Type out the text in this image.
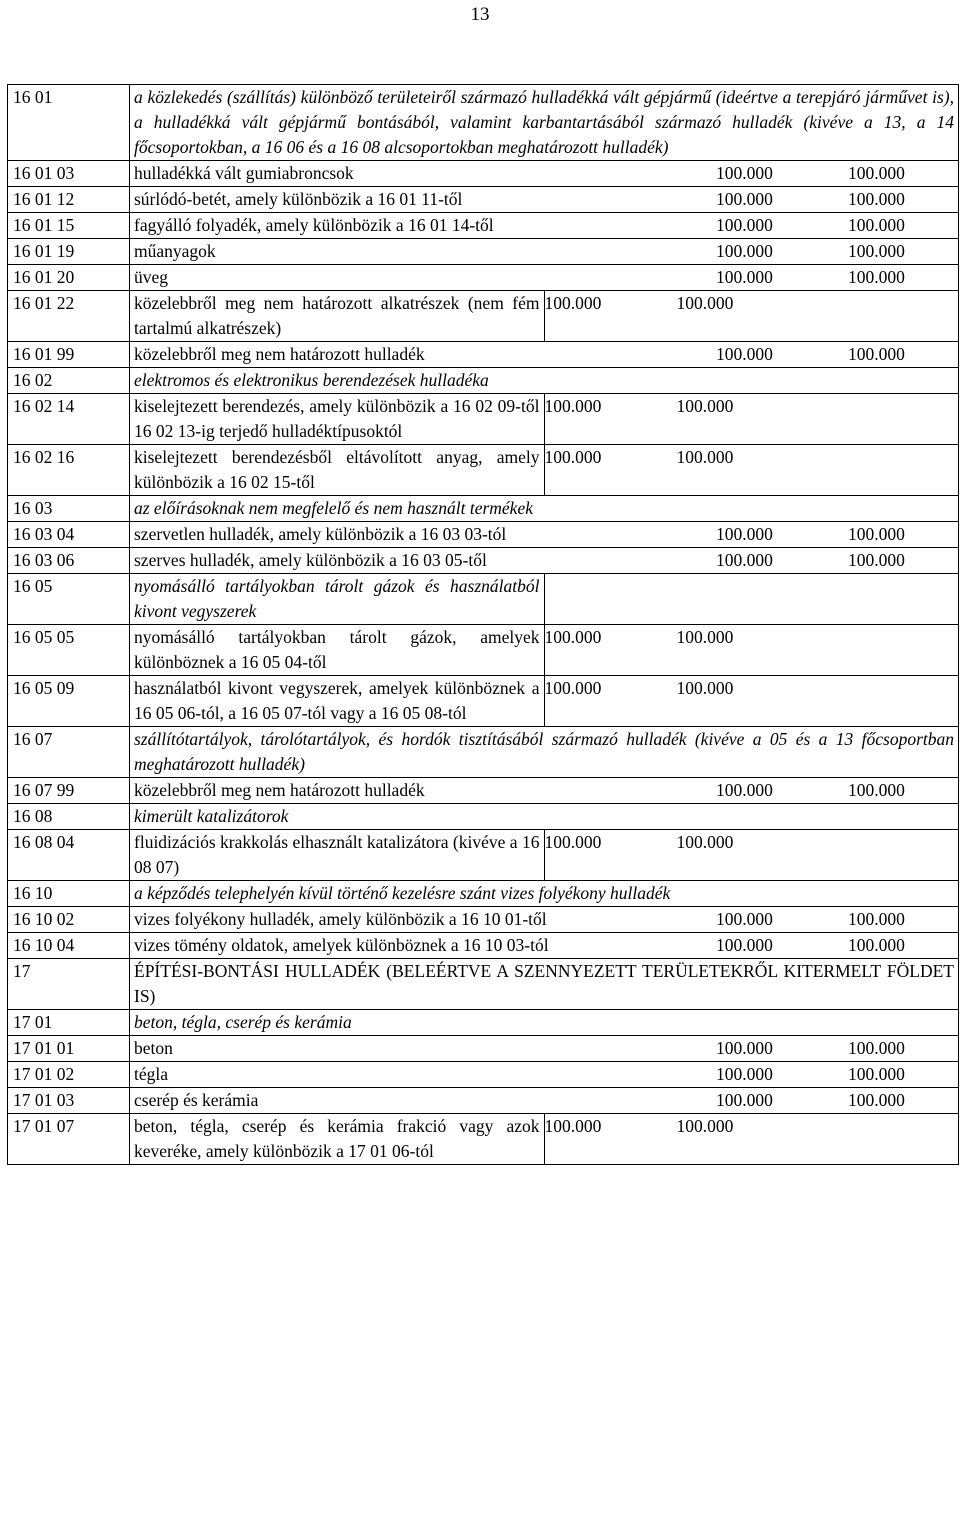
13
16 01	a közlekedés (szállítás) különböző területeiről származó hulladékká vált gépjármű (ideértve a terepjáró járművet is), a hulladékká vált gépjármű bontásából, valamint karbantartásából származó hulladék (kivéve a 13, a 14 főcsoportokban, a 16 06 és a 16 08 alcsoportokban meghatározott hulladék)	
16 01 03	hulladékká vált gumiabroncsok 100.000 100.000	
16 01 12	súrlódó-betét, amely különbözik a 16 01 11-től 100.000 100.000	
16 01 15	fagyálló folyadék, amely különbözik a 16 01 14-től 100.000 100.000	
16 01 19	műanyagok 100.000 100.000	
16 01 20	üveg 100.000 100.000	
16 01 22	közelebbről meg nem határozott alkatrészek (nem fém tartalmú alkatrészek)	100.000 100.000
16 01 99	közelebbről meg nem határozott hulladék 100.000 100.000	
16 02	elektromos és elektronikus berendezések hulladéka	
16 02 14	kiselejtezett berendezés, amely különbözik a 16 02 09-től 16 02 13-ig terjedő hulladéktípusoktól	100.000 100.000
16 02 16	kiselejtezett berendezésből eltávolított anyag, amely különbözik a 16 02 15-től	100.000 100.000
16 03	az előírásoknak nem megfelelő és nem használt termékek	
16 03 04	szervetlen hulladék, amely különbözik a 16 03 03-tól 100.000 100.000	
16 03 06	szerves hulladék, amely különbözik a 16 03 05-től 100.000 100.000	
16 05	nyomásálló tartályokban tárolt gázok és használatból kivont vegyszerek	
16 05 05	nyomásálló tartályokban tárolt gázok, amelyek különböznek a 16 05 04-től	100.000 100.000
16 05 09	használatból kivont vegyszerek, amelyek különböznek a 16 05 06-tól, a 16 05 07-tól vagy a 16 05 08-tól	100.000 100.000
16 07	szállítótartályok, tárolótartályok, és hordók tisztításából származó hulladék (kivéve a 05 és a 13 főcsoportban meghatározott hulladék)	
16 07 99	közelebbről meg nem határozott hulladék 100.000 100.000	
16 08	kimerült katalizátorok	
16 08 04	fluidizációs krakkolás elhasznált katalizátora (kivéve a 16 08 07)	100.000 100.000
16 10	a képződés telephelyén kívül történő kezelésre szánt vizes folyékony hulladék	
16 10 02	vizes folyékony hulladék, amely különbözik a 16 10 01-től 100.000 100.000	
16 10 04	vizes tömény oldatok, amelyek különböznek a 16 10 03-tól 100.000 100.000	
17	ÉPÍTÉSI-BONTÁSI HULLADÉK (BELEÉRTVE A SZENNYEZETT TERÜLETEKRŐL KITERMELT FÖLDET IS)	
17 01	beton, tégla, cserép és kerámia	
17 01 01	beton 100.000 100.000	
17 01 02	tégla 100.000 100.000	
17 01 03	cserép és kerámia 100.000 100.000	
17 01 07	beton, tégla, cserép és kerámia frakció vagy azok keveréke, amely különbözik a 17 01 06-tól	100.000 100.000
